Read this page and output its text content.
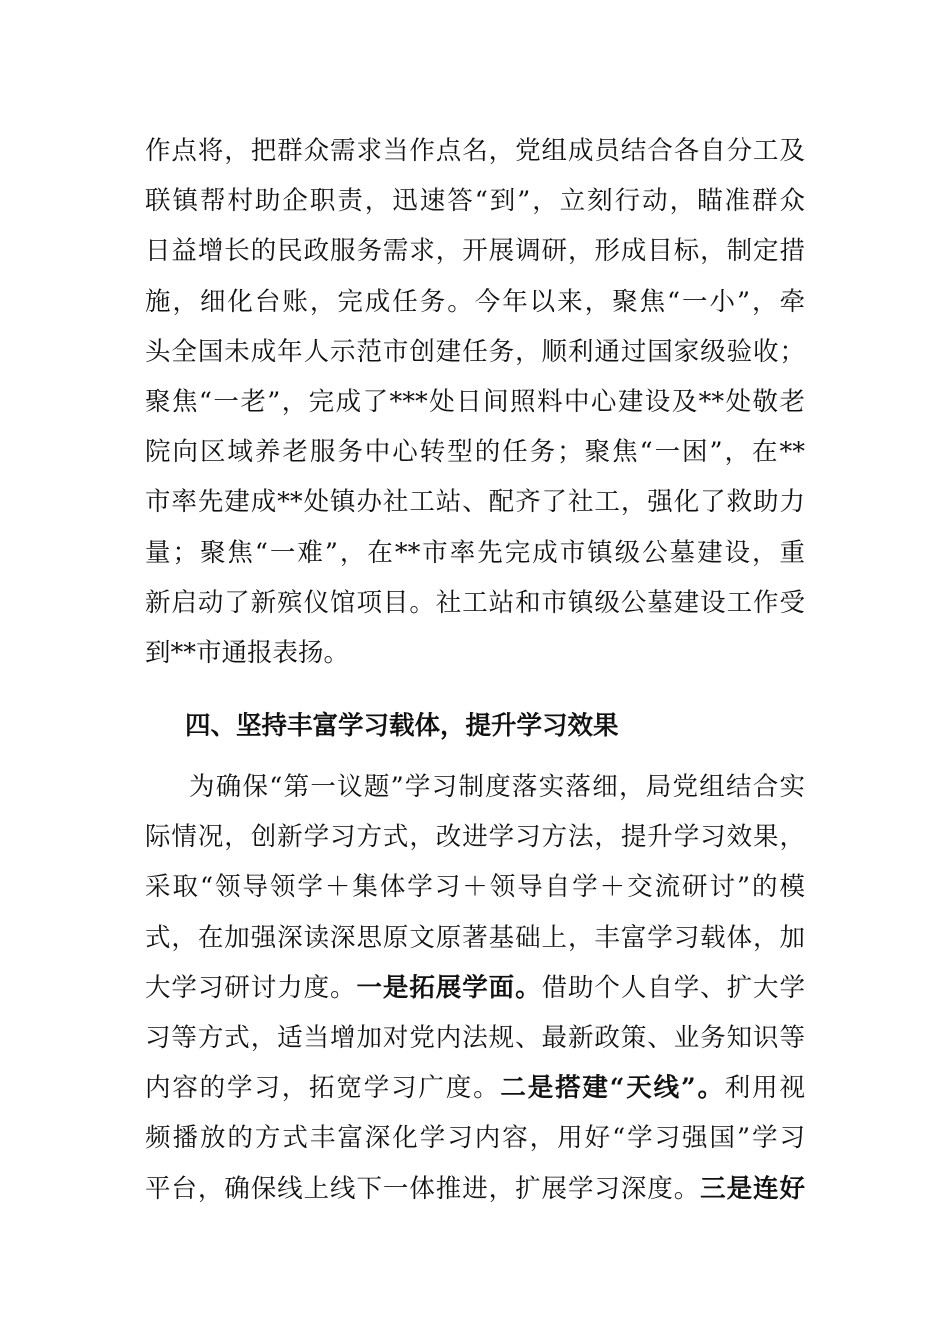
作点将，把群众需求当作点名，党组成员结合各自分工及
联镇帮村助企职责，迅速答“到”，立刻行动，瞄准群众
日益增长的民政服务需求，开展调研，形成目标，制定措
施，细化台账，完成任务。今年以来，聚焦“一小”，牵
头全国未成年人示范市创建任务，顺利通过国家级验收；
聚焦“一老”，完成了***处日间照料中心建设及**处敬老
院向区域养老服务中心转型的任务；聚焦“一困”，在**
市率先建成**处镇办社工站、配齐了社工，强化了救助力
量；聚焦“一难”，在**市率先完成市镇级公墓建设，重
新启动了新殡仪馆项目。社工站和市镇级公墓建设工作受
到**市通报表扬。
四、坚持丰富学习载体，提升学习效果
为确保“第一议题”学习制度落实落细，局党组结合实
际情况，创新学习方式，改进学习方法，提升学习效果，
采取“领导领学＋集体学习＋领导自学＋交流研讨”的模
式，在加强深读深思原文原著基础上，丰富学习载体，加
大学习研讨力度。一是拓展学面。借助个人自学、扩大学
习等方式，适当增加对党内法规、最新政策、业务知识等
内容的学习，拓宽学习广度。二是搭建“天线”。利用视
频播放的方式丰富深化学习内容，用好“学习强国”学习
平台，确保线上线下一体推进，扩展学习深度。三是连好
